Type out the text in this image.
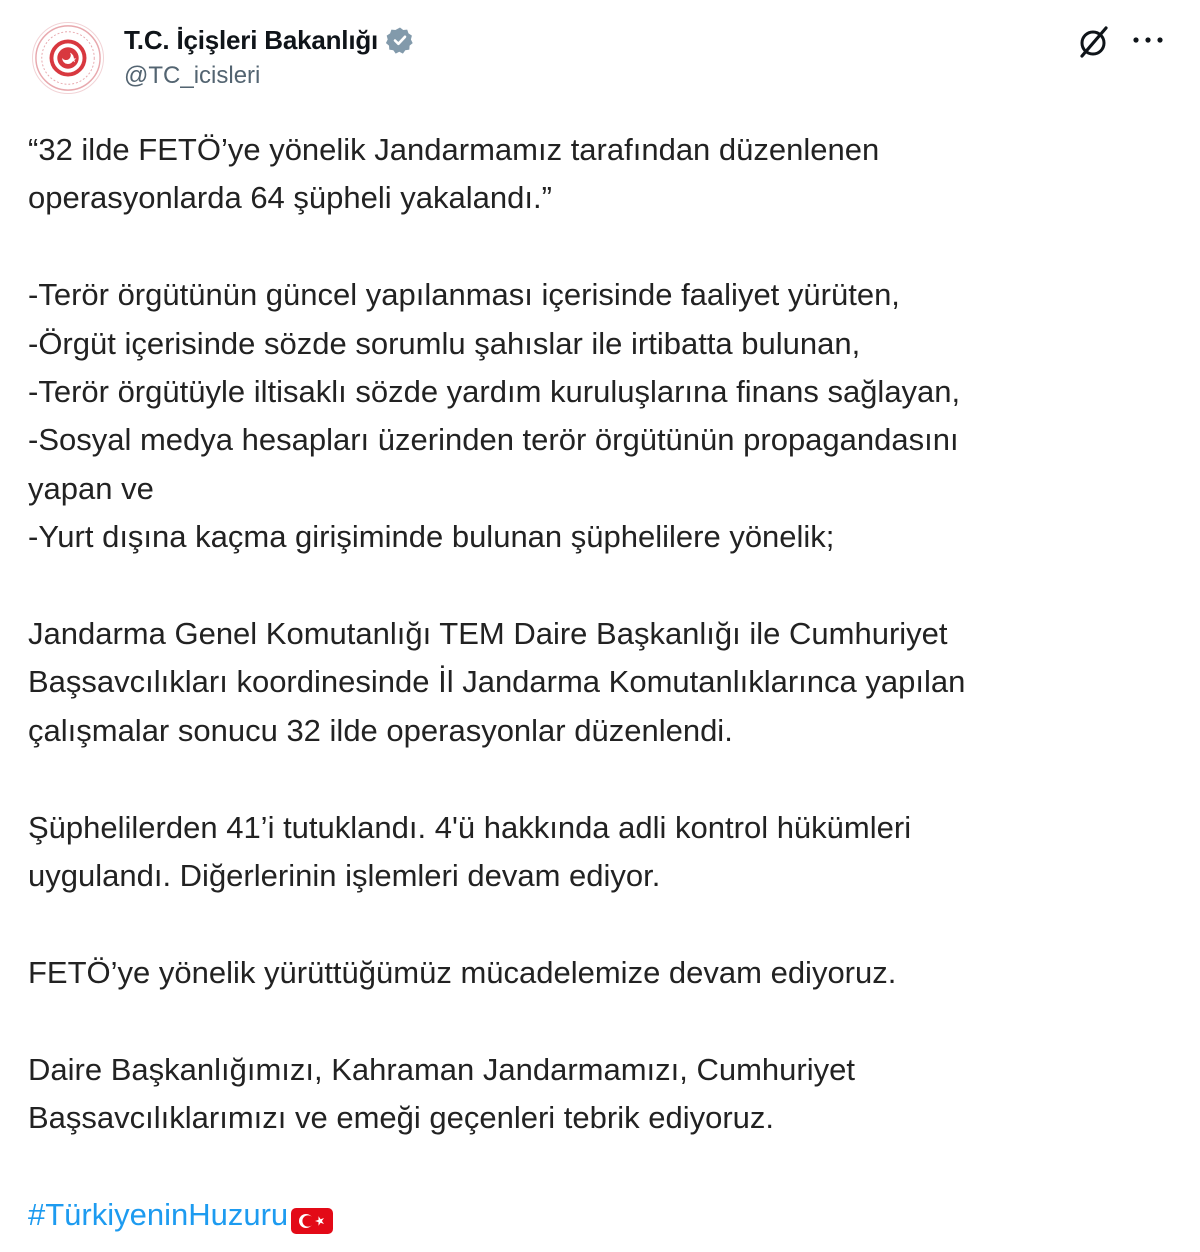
T.C. İçişleri Bakanlığı
@TC_icisleri
“32 ilde FETÖ’ye yönelik Jandarmamız tarafından düzenlenen
operasyonlarda 64 şüpheli yakalandı.”
-Terör örgütünün güncel yapılanması içerisinde faaliyet yürüten,
-Örgüt içerisinde sözde sorumlu şahıslar ile irtibatta bulunan,
-Terör örgütüyle iltisaklı sözde yardım kuruluşlarına finans sağlayan,
-Sosyal medya hesapları üzerinden terör örgütünün propagandasını
yapan ve
-Yurt dışına kaçma girişiminde bulunan şüphelilere yönelik;
Jandarma Genel Komutanlığı TEM Daire Başkanlığı ile Cumhuriyet
Başsavcılıkları koordinesinde İl Jandarma Komutanlıklarınca yapılan
çalışmalar sonucu 32 ilde operasyonlar düzenlendi.
Şüphelilerden 41’i tutuklandı. 4'ü hakkında adli kontrol hükümleri
uygulandı. Diğerlerinin işlemleri devam ediyor.
FETÖ’ye yönelik yürüttüğümüz mücadelemize devam ediyoruz.
Daire Başkanlığımızı, Kahraman Jandarmamızı, Cumhuriyet
Başsavcılıklarımızı ve emeği geçenleri tebrik ediyoruz.
#TürkiyeninHuzuru
